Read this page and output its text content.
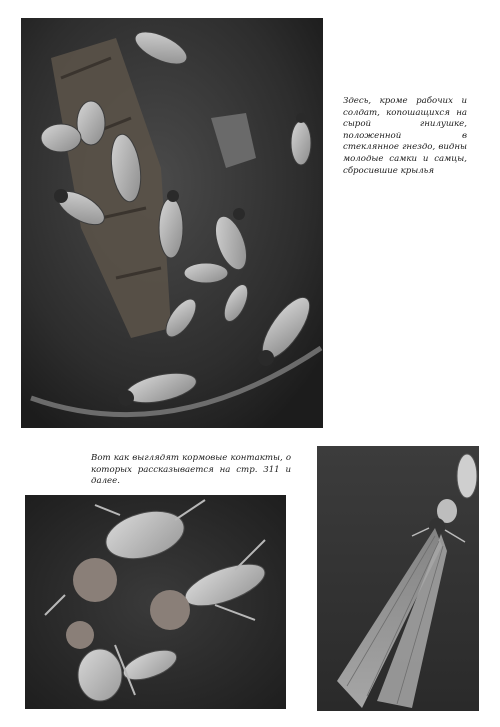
Здесь, кроме рабочих и солдат, копошащихся на сырой гнилушке, положенной в стеклянное гнездо, видны молодые самки и самцы, сбросившие крылья
Вот как выглядят кормовые контакты, о которых рассказывается на стр. 311 и далее.
